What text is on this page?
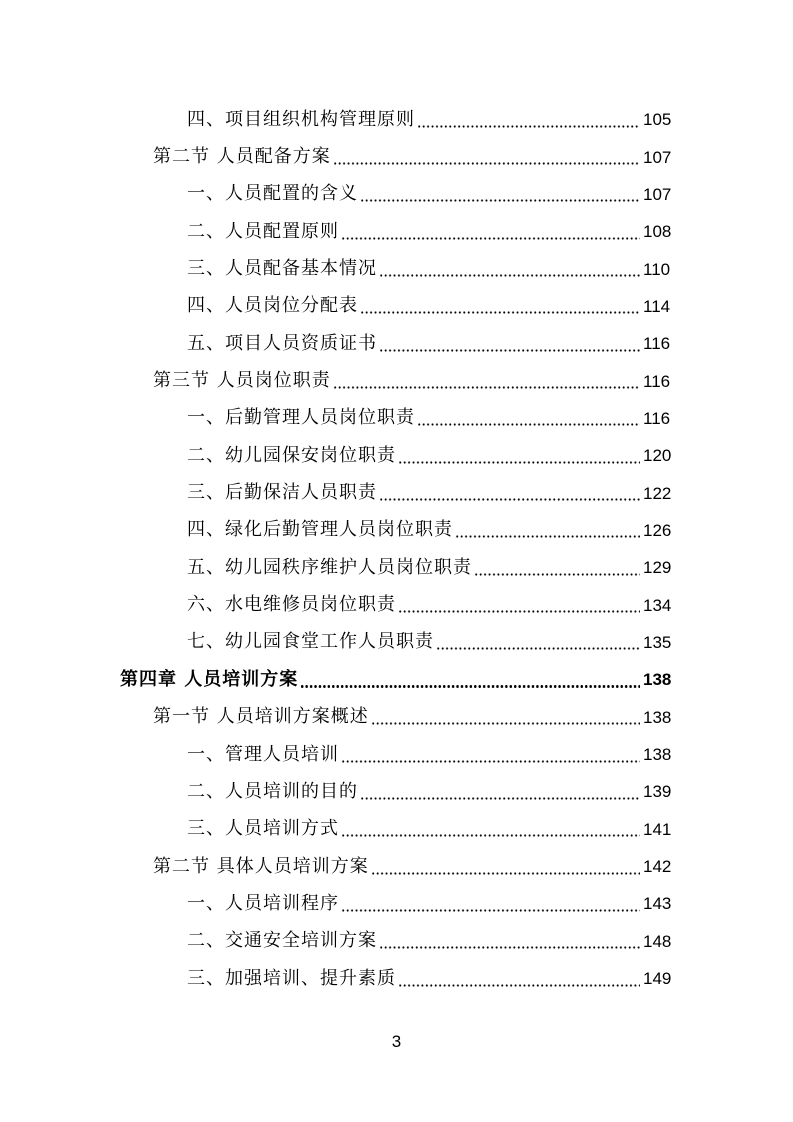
四、项目组织机构管理原则	105
第二节 人员配备方案	107
一、人员配置的含义	107
二、人员配置原则	108
三、人员配备基本情况	110
四、人员岗位分配表	114
五、项目人员资质证书	116
第三节 人员岗位职责	116
一、后勤管理人员岗位职责	116
二、幼儿园保安岗位职责	120
三、后勤保洁人员职责	122
四、绿化后勤管理人员岗位职责	126
五、幼儿园秩序维护人员岗位职责	129
六、水电维修员岗位职责	134
七、幼儿园食堂工作人员职责	135
第四章 人员培训方案	138
第一节 人员培训方案概述	138
一、管理人员培训	138
二、人员培训的目的	139
三、人员培训方式	141
第二节 具体人员培训方案	142
一、人员培训程序	143
二、交通安全培训方案	148
三、加强培训、提升素质	149
3
